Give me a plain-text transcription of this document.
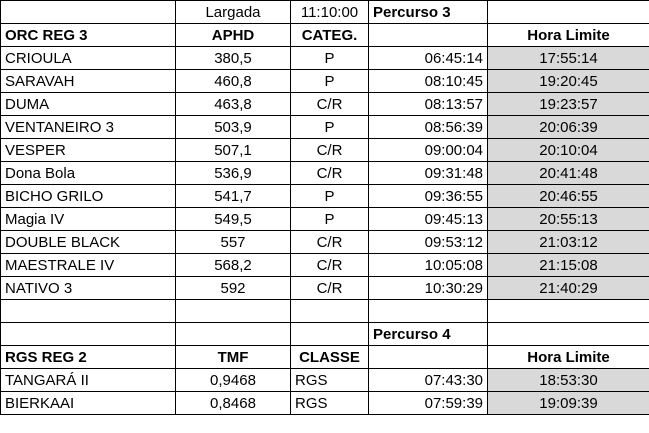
	Largada	11:10:00	Percurso 3	
ORC REG 3	APHD	CATEG.		Hora Limite
CRIOULA	380,5	P	06:45:14	17:55:14
SARAVAH	460,8	P	08:10:45	19:20:45
DUMA	463,8	C/R	08:13:57	19:23:57
VENTANEIRO 3	503,9	P	08:56:39	20:06:39
VESPER	507,1	C/R	09:00:04	20:10:04
Dona Bola	536,9	C/R	09:31:48	20:41:48
BICHO GRILO	541,7	P	09:36:55	20:46:55
Magia IV	549,5	P	09:45:13	20:55:13
DOUBLE BLACK	557	C/R	09:53:12	21:03:12
MAESTRALE IV	568,2	C/R	10:05:08	21:15:08
NATIVO 3	592	C/R	10:30:29	21:40:29

			Percurso 4	
RGS REG 2	TMF	CLASSE		Hora Limite
TANGARÁ II	0,9468	RGS	07:43:30	18:53:30
BIERKAAI	0,8468	RGS	07:59:39	19:09:39
